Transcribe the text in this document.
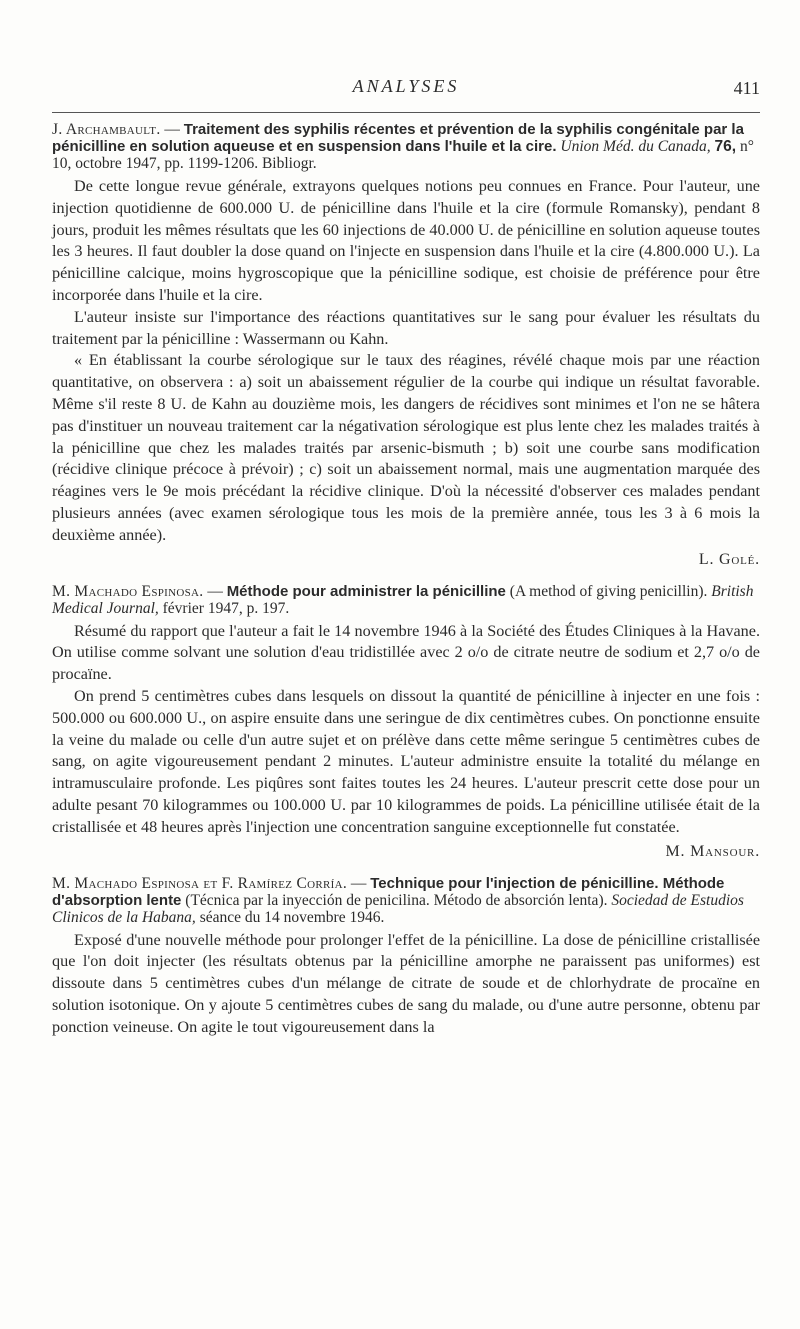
ANALYSES	411

J. Archambault. — Traitement des syphilis récentes et prévention de la syphilis congénitale par la pénicilline en solution aqueuse et en suspension dans l'huile et la cire. Union Méd. du Canada, 76, n° 10, octobre 1947, pp. 1199-1206. Bibliogr.

De cette longue revue générale, extrayons quelques notions peu connues en France. Pour l'auteur, une injection quotidienne de 600.000 U. de pénicilline dans l'huile et la cire (formule Romansky), pendant 8 jours, produit les mêmes résultats que les 60 injections de 40.000 U. de pénicilline en solution aqueuse toutes les 3 heures. Il faut doubler la dose quand on l'injecte en suspension dans l'huile et la cire (4.800.000 U.). La pénicilline calcique, moins hygroscopique que la pénicilline sodique, est choisie de préférence pour être incorporée dans l'huile et la cire.

L'auteur insiste sur l'importance des réactions quantitatives sur le sang pour évaluer les résultats du traitement par la pénicilline : Wassermann ou Kahn.

« En établissant la courbe sérologique sur le taux des réagines, révélé chaque mois par une réaction quantitative, on observera : a) soit un abaissement régulier de la courbe qui indique un résultat favorable. Même s'il reste 8 U. de Kahn au douzième mois, les dangers de récidives sont minimes et l'on ne se hâtera pas d'instituer un nouveau traitement car la négativation sérologique est plus lente chez les malades traités à la pénicilline que chez les malades traités par arsenic-bismuth ; b) soit une courbe sans modification (récidive clinique précoce à prévoir) ; c) soit un abaissement normal, mais une augmentation marquée des réagines vers le 9e mois précédant la récidive clinique. D'où la nécessité d'observer ces malades pendant plusieurs années (avec examen sérologique tous les mois de la première année, tous les 3 à 6 mois la deuxième année).

L. Golé.

M. Machado Espinosa. — Méthode pour administrer la pénicilline (A method of giving penicillin). British Medical Journal, février 1947, p. 197.

Résumé du rapport que l'auteur a fait le 14 novembre 1946 à la Société des Études Cliniques à la Havane. On utilise comme solvant une solution d'eau tridistillée avec 2 o/o de citrate neutre de sodium et 2,7 o/o de procaïne.

On prend 5 centimètres cubes dans lesquels on dissout la quantité de pénicilline à injecter en une fois : 500.000 ou 600.000 U., on aspire ensuite dans une seringue de dix centimètres cubes. On ponctionne ensuite la veine du malade ou celle d'un autre sujet et on prélève dans cette même seringue 5 centimètres cubes de sang, on agite vigoureusement pendant 2 minutes. L'auteur administre ensuite la totalité du mélange en intramusculaire profonde. Les piqûres sont faites toutes les 24 heures. L'auteur prescrit cette dose pour un adulte pesant 70 kilogrammes ou 100.000 U. par 10 kilogrammes de poids. La pénicilline utilisée était de la cristallisée et 48 heures après l'injection une concentration sanguine exceptionnelle fut constatée.

M. Mansour.

M. Machado Espinosa et F. Ramírez Corría. — Technique pour l'injection de pénicilline. Méthode d'absorption lente (Técnica par la inyección de penicilina. Método de absorción lenta). Sociedad de Estudios Clinicos de la Habana, séance du 14 novembre 1946.

Exposé d'une nouvelle méthode pour prolonger l'effet de la pénicilline. La dose de pénicilline cristallisée que l'on doit injecter (les résultats obtenus par la pénicilline amorphe ne paraissent pas uniformes) est dissoute dans 5 centimètres cubes d'un mélange de citrate de soude et de chlorhydrate de procaïne en solution isotonique. On y ajoute 5 centimètres cubes de sang du malade, ou d'une autre personne, obtenu par ponction veineuse. On agite le tout vigoureusement dans la
